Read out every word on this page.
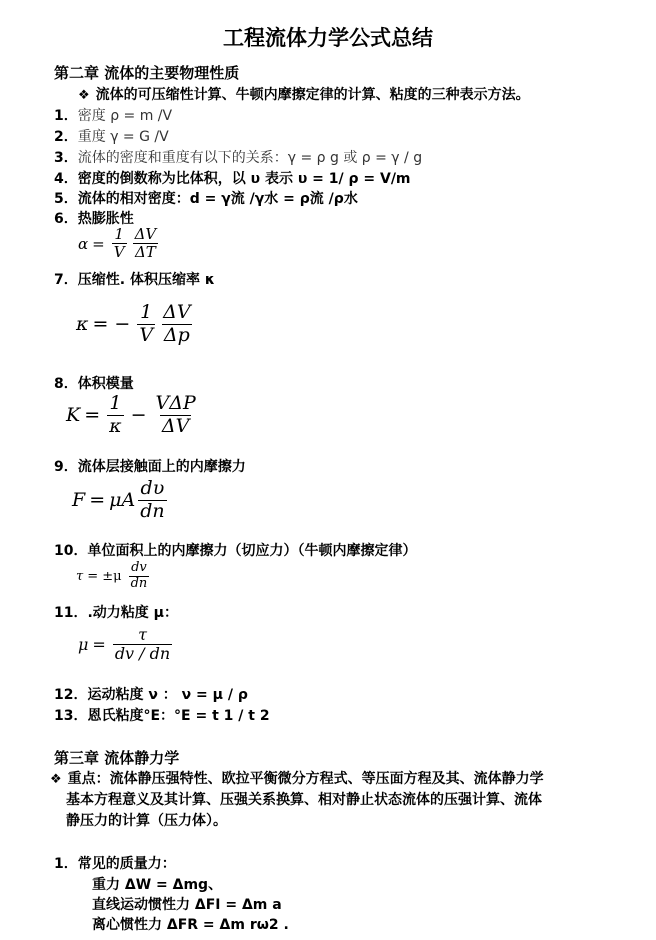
工程流体力学公式总结
第二章 流体的主要物理性质
❖ 流体的可压缩性计算、牛顿内摩擦定律的计算、粘度的三种表示方法。
1．密度 ρ = m /V
2．重度 γ = G /V
3．流体的密度和重度有以下的关系：γ = ρ g 或 ρ = γ / g
4．密度的倒数称为比体积，以 υ 表示 υ = 1/ ρ = V/m
5．流体的相对密度：d = γ流 /γ水 = ρ流 /ρ水
6．热膨胀性
$\alpha = \frac{1}{V} \frac{\Delta V}{\Delta T}$
7．压缩性. 体积压缩率 κ
κ = − $\frac{1}{V} \frac{\Delta V}{\Delta p}$
8．体积模量
$K = \frac{1}{\kappa} - \frac{\text{VΔP}}{\Delta V}$
9．流体层接触面上的内摩擦力
F = μA $\frac{d\upsilon}{dn}$
10．单位面积上的内摩擦力（切应力）（牛顿内摩擦定律）
$\tau = \pm\mu \frac{dv}{dn}$
11．.动力粘度 μ：
$\mu = \frac{\tau}{dv / dn}$
12．运动粘度 ν ： ν = μ / ρ
13．恩氏粘度°E：°E = t 1 / t 2
第三章 流体静力学
❖ 重点：流体静压强特性、欧拉平衡微分方程式、等压面方程及其、流体静力学
基本方程意义及其计算、压强关系换算、相对静止状态流体的压强计算、流体
静压力的计算（压力体）。
1．常见的质量力：
重力 ΔW = Δmg、
直线运动惯性力 ΔFI = Δm a
离心惯性力 ΔFR = Δm rω2 .
